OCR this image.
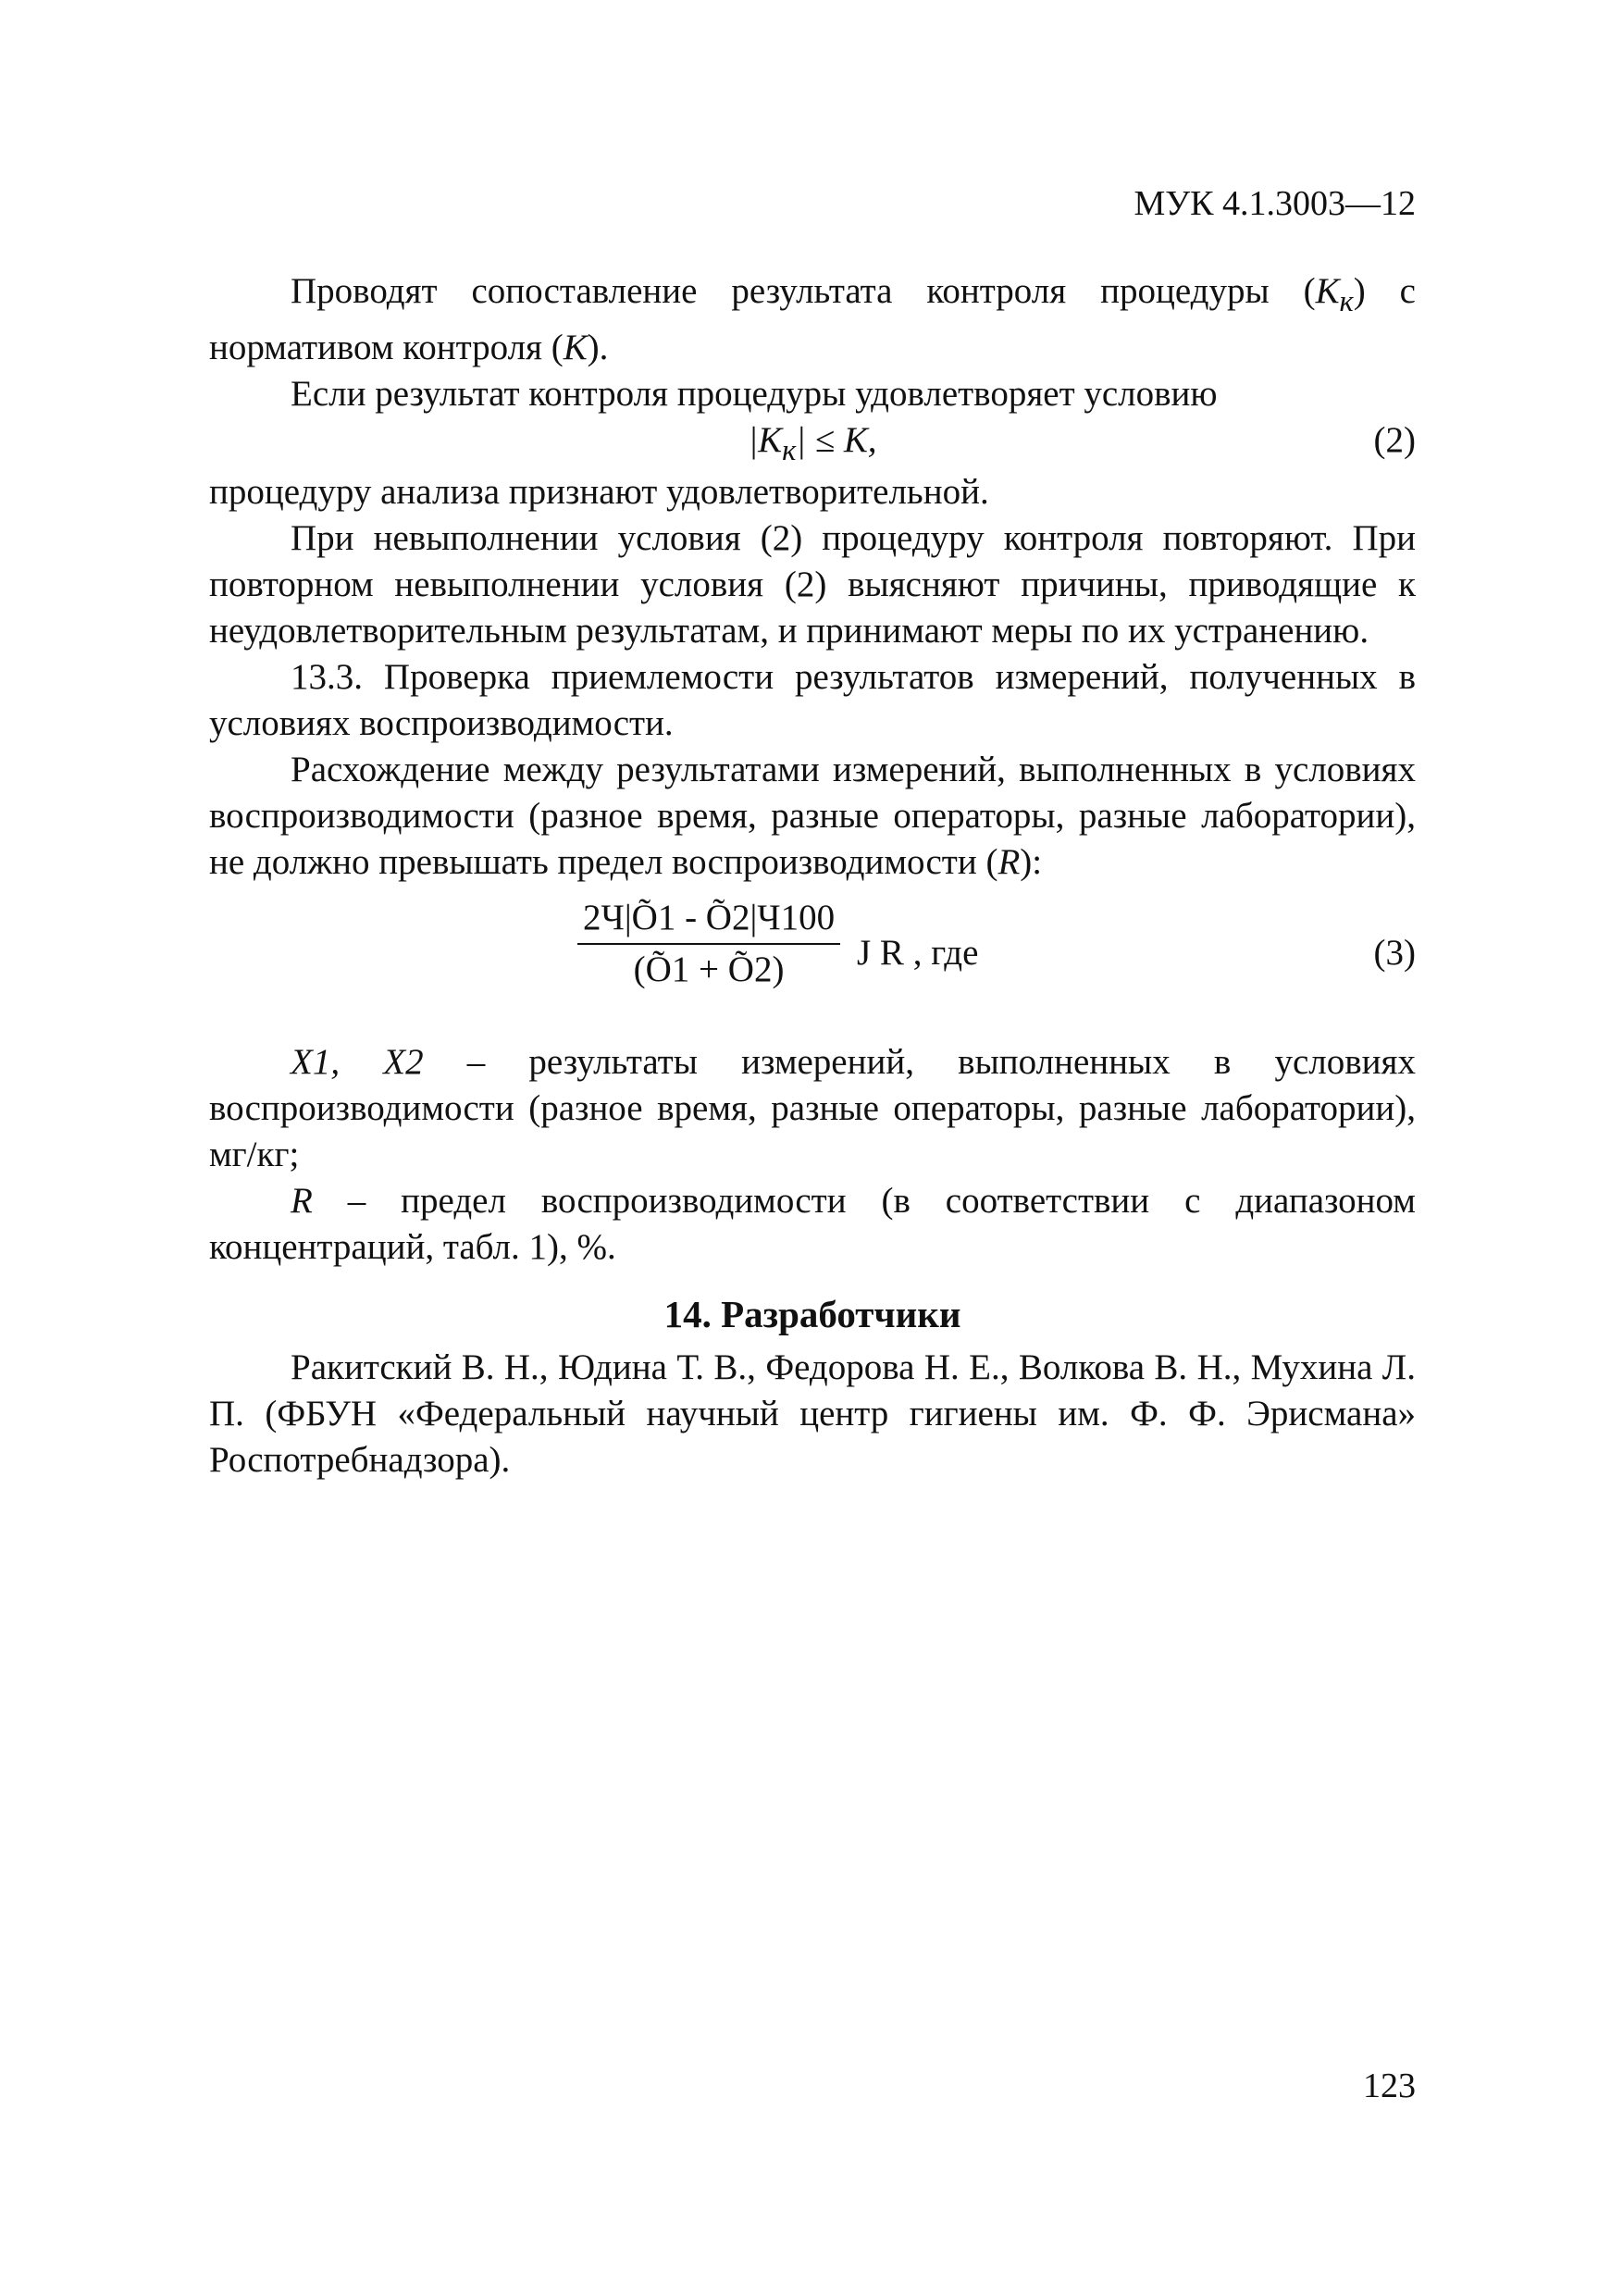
МУК 4.1.3003—12

Проводят сопоставление результата контроля процедуры $(К_к)$ с нормативом контроля (К).

Если результат контроля процедуры удовлетворяет условию

$|К_к| \le К$,	(2)

процедуру анализа признают удовлетворительной.

При невыполнении условия (2) процедуру контроля повторяют. При повторном невыполнении условия (2) выясняют причины, приводящие к неудовлетворительным результатам, и принимают меры по их устранению.

13.3. Проверка приемлемости результатов измерений, полученных в условиях воспроизводимости.

Расхождение между результатами измерений, выполненных в условиях воспроизводимости (разное время, разные операторы, разные лаборатории), не должно превышать предел воспроизводимости (R):

2Ч|Õ1 - Õ2|Ч100
(Õ1 + Õ2)	J R , где	(3)

X1, X2 – результаты измерений, выполненных в условиях воспроизводимости (разное время, разные операторы, разные лаборатории), мг/кг;

R – предел воспроизводимости (в соответствии с диапазоном концентраций, табл. 1), %.

14. Разработчики

Ракитский В. Н., Юдина Т. В., Федорова Н. Е., Волкова В. Н., Мухина Л. П. (ФБУН «Федеральный научный центр гигиены им. Ф. Ф. Эрисмана» Роспотребнадзора).

123
